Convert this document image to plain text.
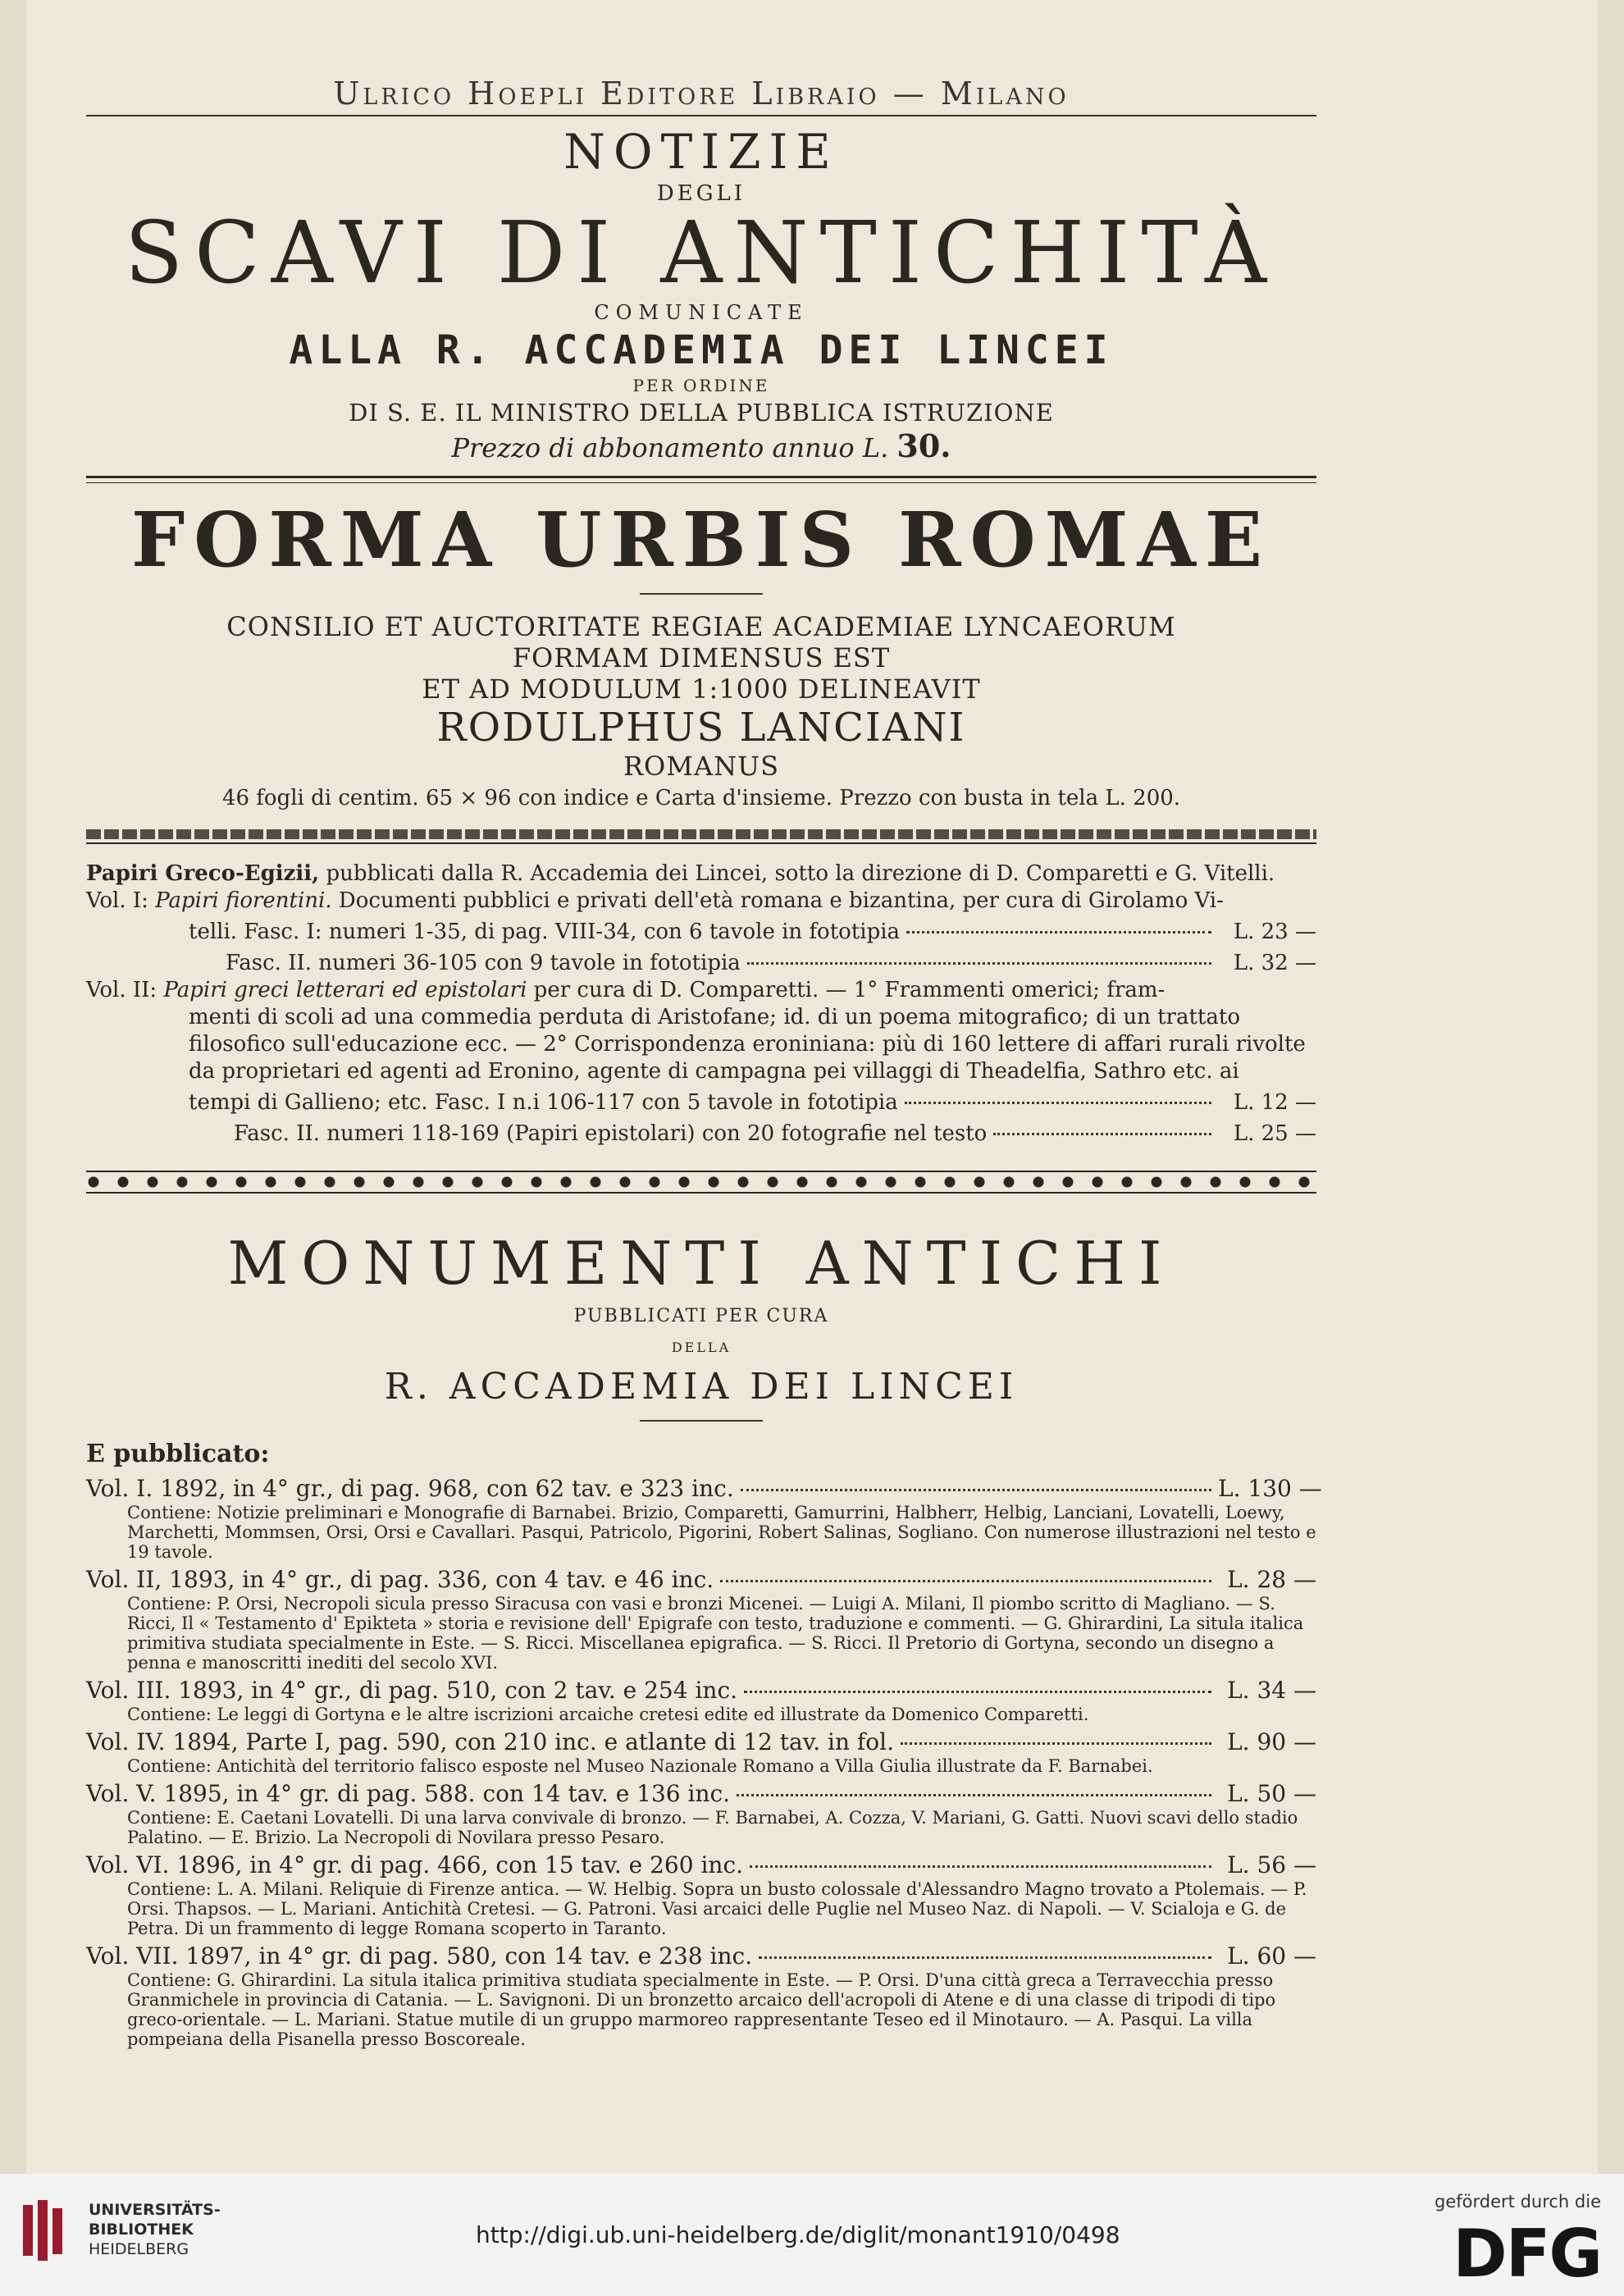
Ulrico Hoepli Editore Libraio — Milano
NOTIZIE
DEGLI
SCAVI DI ANTICHITÀ
COMUNICATE
ALLA R. ACCADEMIA DEI LINCEI
PER ORDINE
DI S. E. IL MINISTRO DELLA PUBBLICA ISTRUZIONE
Prezzo di abbonamento annuo L. 30.
FORMA URBIS ROMAE
CONSILIO ET AUCTORITATE REGIAE ACADEMIAE LYNCAEORUM
FORMAM DIMENSUS EST
ET AD MODULUM 1:1000 DELINEAVIT
RODULPHUS LANCIANI
ROMANUS
46 fogli di centim. 65 × 96 con indice e Carta d'insieme. Prezzo con busta in tela L. 200.
Papiri Greco-Egizii, pubblicati dalla R. Accademia dei Lincei, sotto la direzione di D. Comparetti e G. Vitelli.
Vol. I: Papiri fiorentini. Documenti pubblici e privati dell'età romana e bizantina, per cura di Girolamo Vi-
telli. Fasc. I: numeri 1-35, di pag. VIII-34, con 6 tavole in fototipia	L. 23 —
Fasc. II. numeri 36-105 con 9 tavole in fototipia	L. 32 —
Vol. II: Papiri greci letterari ed epistolari per cura di D. Comparetti. — 1° Frammenti omerici; fram-
menti di scoli ad una commedia perduta di Aristofane; id. di un poema mitografico; di un trattato
filosofico sull'educazione ecc. — 2° Corrispondenza eroniniana: più di 160 lettere di affari rurali rivolte
da proprietari ed agenti ad Eronino, agente di campagna pei villaggi di Theadelfia, Sathro etc. ai
tempi di Gallieno; etc. Fasc. I n.i 106-117 con 5 tavole in fototipia	L. 12 —
Fasc. II. numeri 118-169 (Papiri epistolari) con 20 fotografie nel testo	L. 25 —
MONUMENTI ANTICHI
PUBBLICATI PER CURA
DELLA
R. ACCADEMIA DEI LINCEI
E pubblicato:
Vol. I. 1892, in 4° gr., di pag. 968, con 62 tav. e 323 inc.	L. 130 —
Contiene: Notizie preliminari e Monografie di Barnabei. Brizio, Comparetti, Gamurrini, Halbherr, Helbig, Lanciani, Lovatelli, Loewy, Marchetti, Mommsen, Orsi, Orsi e Cavallari. Pasqui, Patricolo, Pigorini, Robert Salinas, Sogliano. Con numerose illustrazioni nel testo e 19 tavole.
Vol. II, 1893, in 4° gr., di pag. 336, con 4 tav. e 46 inc.	L. 28 —
Contiene: P. Orsi, Necropoli sicula presso Siracusa con vasi e bronzi Micenei. — Luigi A. Milani, Il piombo scritto di Magliano. — S. Ricci, Il « Testamento d' Epikteta » storia e revisione dell' Epigrafe con testo, traduzione e commenti. — G. Ghirardini, La situla italica primitiva studiata specialmente in Este. — S. Ricci. Miscellanea epigrafica. — S. Ricci. Il Pretorio di Gortyna, secondo un disegno a penna e manoscritti inediti del secolo XVI.
Vol. III. 1893, in 4° gr., di pag. 510, con 2 tav. e 254 inc.	L. 34 —
Contiene: Le leggi di Gortyna e le altre iscrizioni arcaiche cretesi edite ed illustrate da Domenico Comparetti.
Vol. IV. 1894, Parte I, pag. 590, con 210 inc. e atlante di 12 tav. in fol.	L. 90 —
Contiene: Antichità del territorio falisco esposte nel Museo Nazionale Romano a Villa Giulia illustrate da F. Barnabei.
Vol. V. 1895, in 4° gr. di pag. 588. con 14 tav. e 136 inc.	L. 50 —
Contiene: E. Caetani Lovatelli. Di una larva convivale di bronzo. — F. Barnabei, A. Cozza, V. Mariani, G. Gatti. Nuovi scavi dello stadio Palatino. — E. Brizio. La Necropoli di Novilara presso Pesaro.
Vol. VI. 1896, in 4° gr. di pag. 466, con 15 tav. e 260 inc.	L. 56 —
Contiene: L. A. Milani. Reliquie di Firenze antica. — W. Helbig. Sopra un busto colossale d'Alessandro Magno trovato a Ptolemais. — P. Orsi. Thapsos. — L. Mariani. Antichità Cretesi. — G. Patroni. Vasi arcaici delle Puglie nel Museo Naz. di Napoli. — V. Scialoja e G. de Petra. Di un frammento di legge Romana scoperto in Taranto.
Vol. VII. 1897, in 4° gr. di pag. 580, con 14 tav. e 238 inc.	L. 60 —
Contiene: G. Ghirardini. La situla italica primitiva studiata specialmente in Este. — P. Orsi. D'una città greca a Terravecchia presso Granmichele in provincia di Catania. — L. Savignoni. Di un bronzetto arcaico dell'acropoli di Atene e di una classe di tripodi di tipo greco-orientale. — L. Mariani. Statue mutile di un gruppo marmoreo rappresentante Teseo ed il Minotauro. — A. Pasqui. La villa pompeiana della Pisanella presso Boscoreale.
UNIVERSITÄTS-
BIBLIOTHEK
HEIDELBERG
http://digi.ub.uni-heidelberg.de/diglit/monant1910/0498
gefördert durch die
DFG
